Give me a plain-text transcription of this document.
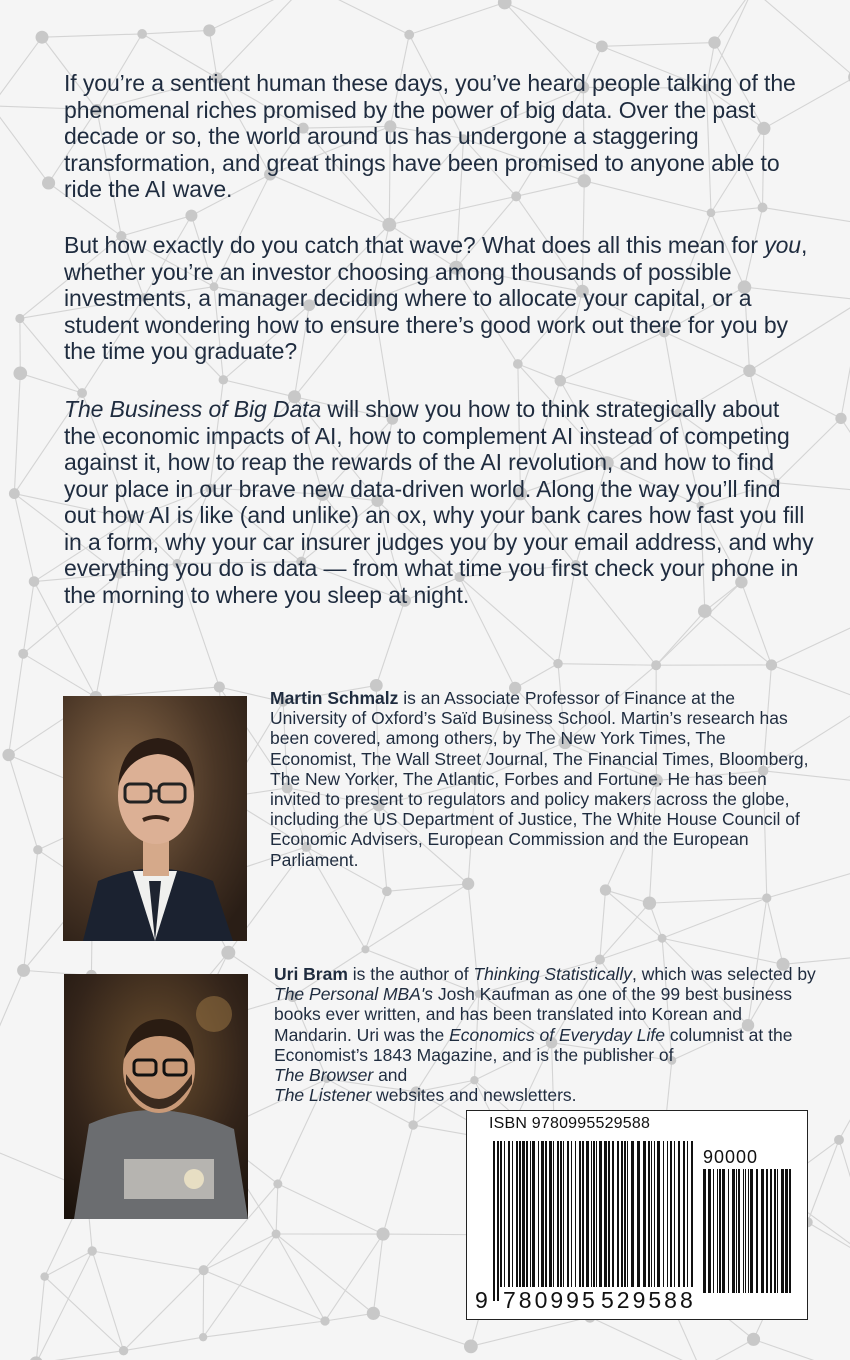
If you’re a sentient human these days, you’ve heard people talking of the phenomenal riches promised by the power of big data. Over the past decade or so, the world around us has undergone a staggering transformation, and great things have been promised to anyone able to ride the AI wave.

But how exactly do you catch that wave? What does all this mean for you, whether you’re an investor choosing among thousands of possible investments, a manager deciding where to allocate your capital, or a student wondering how to ensure there’s good work out there for you by the time you graduate?

The Business of Big Data will show you how to think strategically about the economic impacts of AI, how to complement AI instead of competing against it, how to reap the rewards of the AI revolution, and how to find your place in our brave new data-driven world. Along the way you’ll find out how AI is like (and unlike) an ox, why your bank cares how fast you fill in a form, why your car insurer judges you by your email address, and why everything you do is data — from what time you first check your phone in the morning to where you sleep at night.

Martin Schmalz is an Associate Professor of Finance at the University of Oxford’s Saïd Business School. Martin’s research has been covered, among others, by The New York Times, The Economist, The Wall Street Journal, The Financial Times, Bloomberg, The New Yorker, The Atlantic, Forbes and Fortune. He has been invited to present to regulators and policy makers across the globe, including the US Department of Justice, The White House Council of Economic Advisers, European Commission and the European Parliament.

Uri Bram is the author of Thinking Statistically, which was selected by The Personal MBA's Josh Kaufman as one of the 99 best business books ever written, and has been translated into Korean and Mandarin. Uri was the Economics of Everyday Life columnist at the Economist’s 1843 Magazine, and is the publisher of
The Browser and
The Listener websites and newsletters.

ISBN 9780995529588
90000
9 780995 529588
